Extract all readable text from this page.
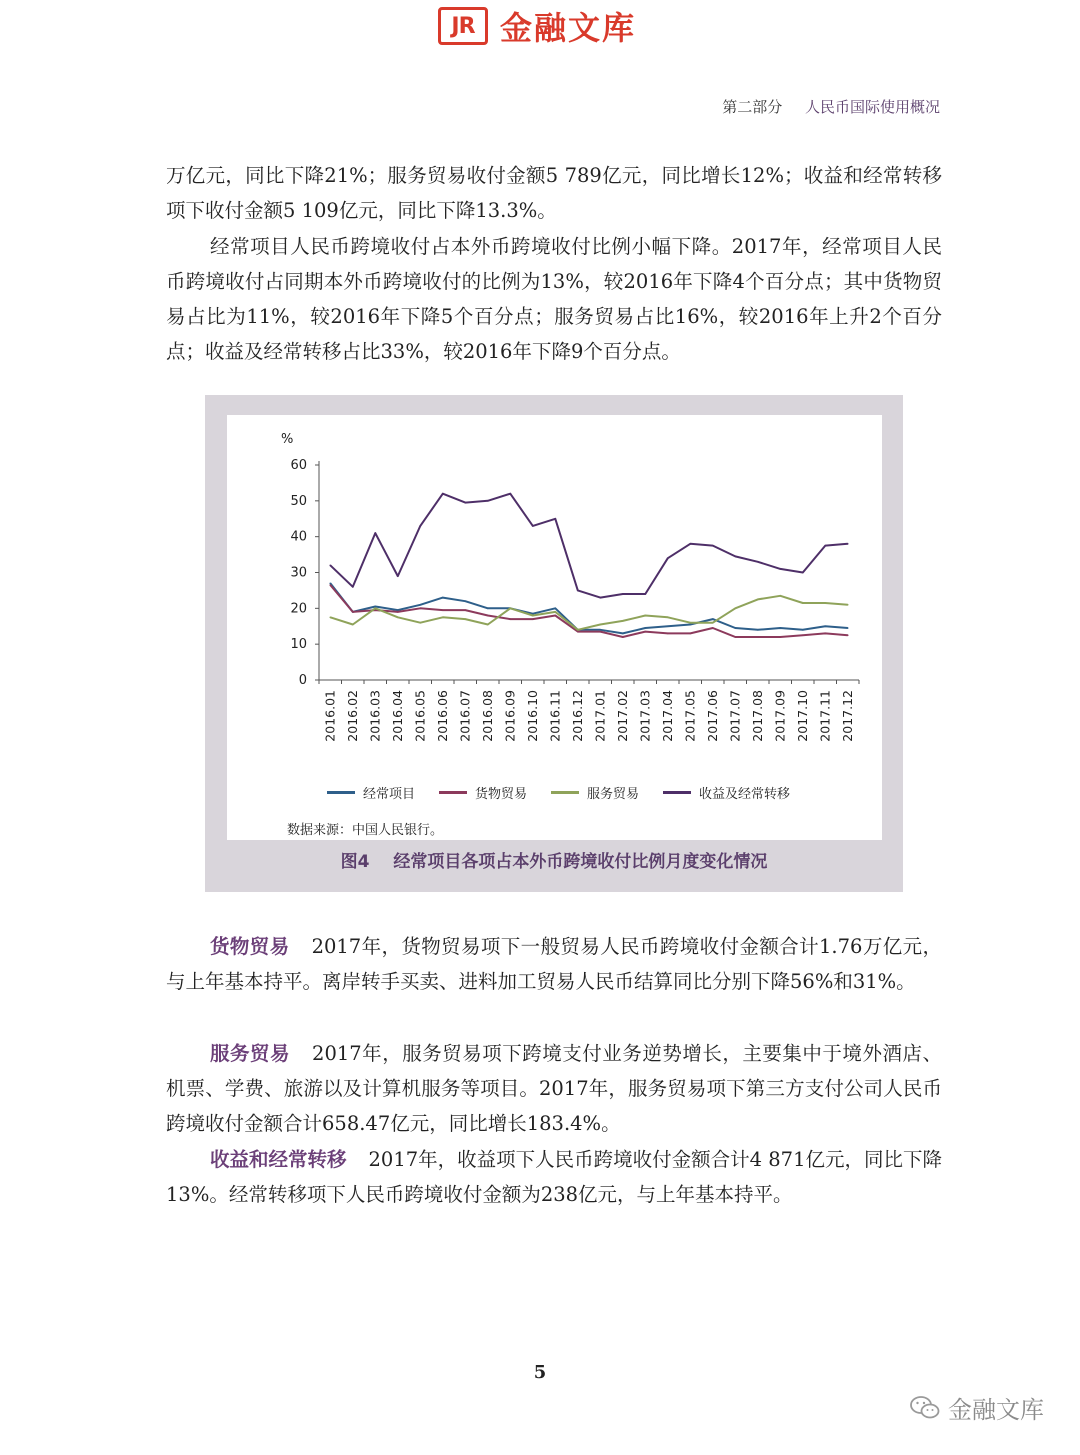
JR 金融文库
第二部分 人民币国际使用概况
万亿元，同比下降21%；服务贸易收付金额5 789亿元，同比增长12%；收益和经常转移项下收付金额5 109亿元，同比下降13.3%。
经常项目人民币跨境收付占本外币跨境收付比例小幅下降。2017年，经常项目人民币跨境收付占同期本外币跨境收付的比例为13%，较2016年下降4个百分点；其中货物贸易占比为11%，较2016年下降5个百分点；服务贸易占比16%，较2016年上升2个百分点；收益及经常转移占比33%，较2016年下降9个百分点。
%
0
10
20
30
40
50
60
2016.01 2016.02 2016.03 2016.04 2016.05 2016.06 2016.07 2016.08 2016.09 2016.10 2016.11 2016.12 2017.01 2017.02 2017.03 2017.04 2017.05 2017.06 2017.07 2017.08 2017.09 2017.10 2017.11 2017.12
经常项目	货物贸易	服务贸易	收益及经常转移
数据来源：中国人民银行。
图4 经常项目各项占本外币跨境收付比例月度变化情况
货物贸易 2017年，货物贸易项下一般贸易人民币跨境收付金额合计1.76万亿元，与上年基本持平。离岸转手买卖、进料加工贸易人民币结算同比分别下降56%和31%。
服务贸易 2017年，服务贸易项下跨境支付业务逆势增长，主要集中于境外酒店、机票、学费、旅游以及计算机服务等项目。2017年，服务贸易项下第三方支付公司人民币跨境收付金额合计658.47亿元，同比增长183.4%。
收益和经常转移 2017年，收益项下人民币跨境收付金额合计4 871亿元，同比下降13%。经常转移项下人民币跨境收付金额为238亿元，与上年基本持平。
5
金融文库
